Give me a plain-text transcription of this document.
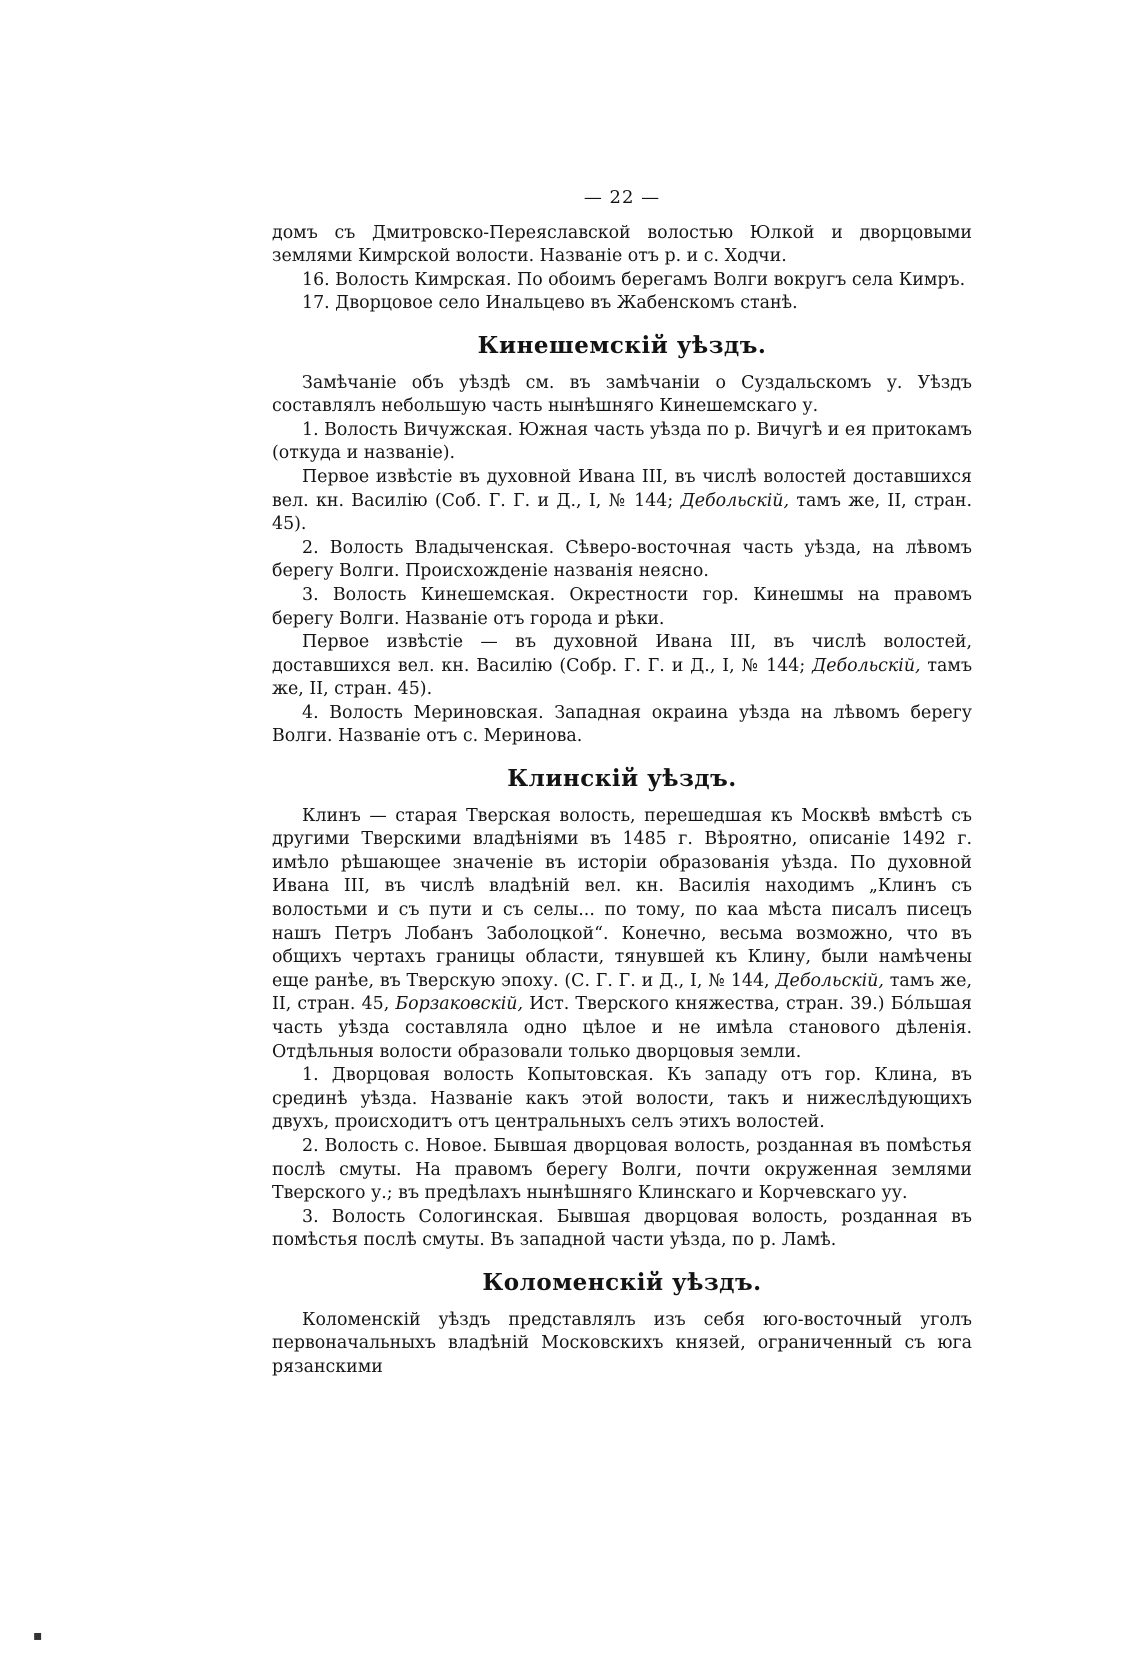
— 22 —

домъ съ Дмитровско-Переяславской волостью Юлкой и дворцовыми землями Кимрской волости. Названіе отъ р. и с. Ходчи.

16. Волость Кимрская. По обоимъ берегамъ Волги вокругъ села Кимръ.

17. Дворцовое село Инальцево въ Жабенскомъ станѣ.

Кинешемскій уѣздъ.

Замѣчаніе объ уѣздѣ см. въ замѣчаніи о Суздальскомъ у. Уѣздъ составлялъ небольшую часть нынѣшняго Кинешемскаго у.

1. Волость Вичужская. Южная часть уѣзда по р. Вичугѣ и ея притокамъ (откуда и названіе).

Первое извѣстіе въ духовной Ивана III, въ числѣ волостей доставшихся вел. кн. Василію (Соб. Г. Г. и Д., I, № 144; Дебольскій, тамъ же, II, стран. 45).

2. Волость Владыченская. Сѣверо-восточная часть уѣзда, на лѣвомъ берегу Волги. Происхожденіе названія неясно.

3. Волость Кинешемская. Окрестности гор. Кинешмы на правомъ берегу Волги. Названіе отъ города и рѣки.

Первое извѣстіе — въ духовной Ивана III, въ числѣ волостей, доставшихся вел. кн. Василію (Собр. Г. Г. и Д., I, № 144; Дебольскій, тамъ же, II, стран. 45).

4. Волость Мериновская. Западная окраина уѣзда на лѣвомъ берегу Волги. Названіе отъ с. Меринова.

Клинскій уѣздъ.

Клинъ — старая Тверская волость, перешедшая къ Москвѣ вмѣстѣ съ другими Тверскими владѣніями въ 1485 г. Вѣроятно, описаніе 1492 г. имѣло рѣшающее значеніе въ исторіи образованія уѣзда. По духовной Ивана III, въ числѣ владѣній вел. кн. Василія находимъ „Клинъ съ волостьми и съ пути и съ селы... по тому, по каа мѣста писалъ писецъ нашъ Петръ Лобанъ Заболоцкой“. Конечно, весьма возможно, что въ общихъ чертахъ границы области, тянувшей къ Клину, были намѣчены еще ранѣе, въ Тверскую эпоху. (С. Г. Г. и Д., I, № 144, Дебольскій, тамъ же, II, стран. 45, Борзаковскій, Ист. Тверского княжества, стран. 39.) Бо́льшая часть уѣзда составляла одно цѣлое и не имѣла станового дѣленія. Отдѣльныя волости образовали только дворцовыя земли.

1. Дворцовая волость Копытовская. Къ западу отъ гор. Клина, въ срединѣ уѣзда. Названіе какъ этой волости, такъ и нижеслѣдующихъ двухъ, происходитъ отъ центральныхъ селъ этихъ волостей.

2. Волость с. Новое. Бывшая дворцовая волость, розданная въ помѣстья послѣ смуты. На правомъ берегу Волги, почти окруженная землями Тверского у.; въ предѣлахъ нынѣшняго Клинскаго и Корчевскаго уу.

3. Волость Сологинская. Бывшая дворцовая волость, розданная въ помѣстья послѣ смуты. Въ западной части уѣзда, по р. Ламѣ.

Коломенскій уѣздъ.

Коломенскій уѣздъ представлялъ изъ себя юго-восточный уголъ первоначальныхъ владѣній Московскихъ князей, ограниченный съ юга рязанскими

▪
